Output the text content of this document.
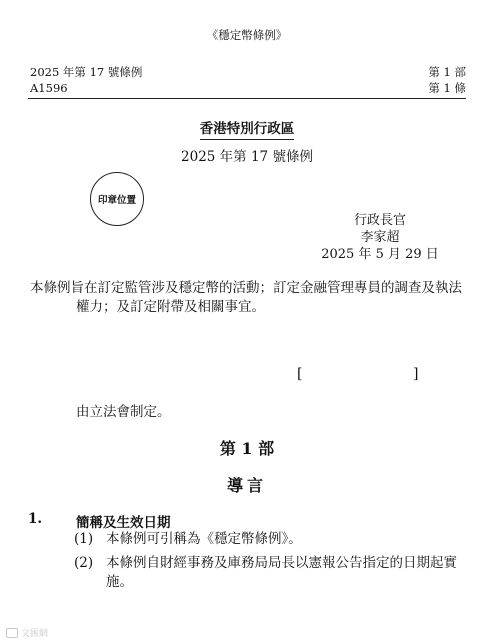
《穩定幣條例》
2025 年第 17 號條例
A1596
第 1 部
第 1 條
香港特別行政區
2025 年第 17 號條例
印章位置
行政長官
李家超
2025 年 5 月 29 日
本條例旨在訂定監管涉及穩定幣的活動；訂定金融管理專員的調查及執法權力；及訂定附帶及相關事宜。
[	]
由立法會制定。
第 1 部
導言
1.	簡稱及生效日期
(1) 本條例可引稱為《穩定幣條例》。
(2) 本條例自財經事務及庫務局局長以憲報公告指定的日期起實施。
文匯網
